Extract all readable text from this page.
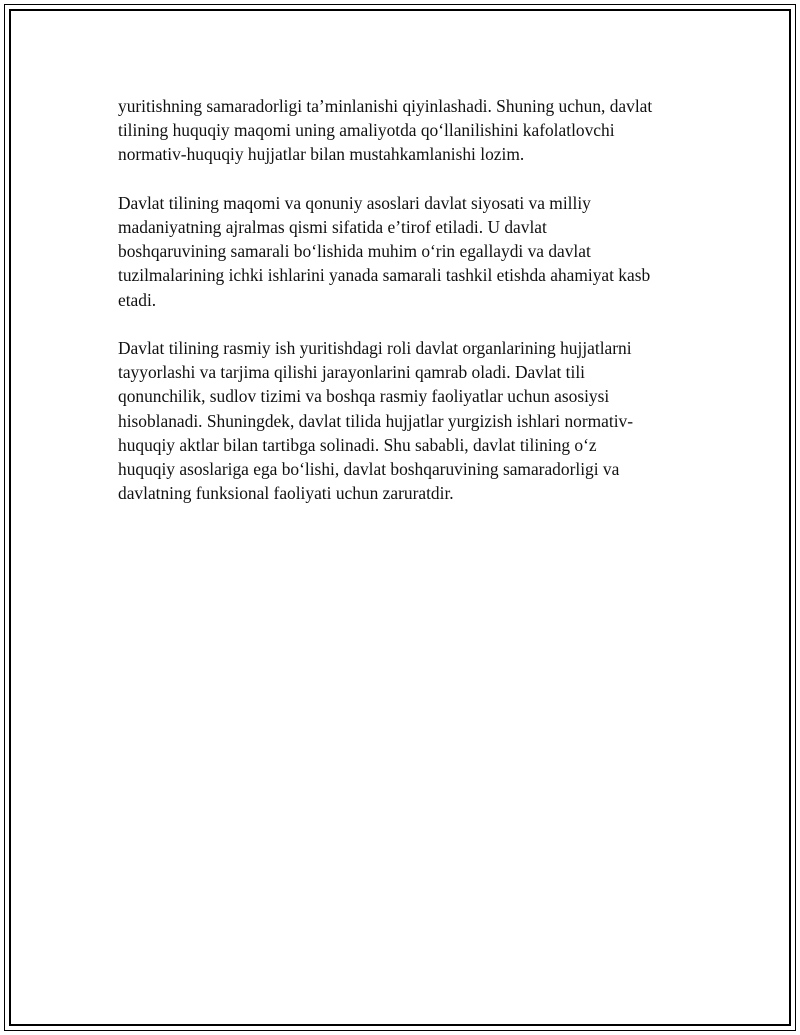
yuritishning samaradorligi taʼminlanishi qiyinlashadi. Shuning uchun, davlat
tilining huquqiy maqomi uning amaliyotda qoʻllanilishini kafolatlovchi
normativ-huquqiy hujjatlar bilan mustahkamlanishi lozim.

Davlat tilining maqomi va qonuniy asoslari davlat siyosati va milliy
madaniyatning ajralmas qismi sifatida eʼtirof etiladi. U davlat
boshqaruvining samarali boʻlishida muhim oʻrin egallaydi va davlat
tuzilmalarining ichki ishlarini yanada samarali tashkil etishda ahamiyat kasb
etadi.

Davlat tilining rasmiy ish yuritishdagi roli davlat organlarining hujjatlarni
tayyorlashi va tarjima qilishi jarayonlarini qamrab oladi. Davlat tili
qonunchilik, sudlov tizimi va boshqa rasmiy faoliyatlar uchun asosiysi
hisoblanadi. Shuningdek, davlat tilida hujjatlar yurgizish ishlari normativ-
huquqiy aktlar bilan tartibga solinadi. Shu sababli, davlat tilining oʻz
huquqiy asoslariga ega boʻlishi, davlat boshqaruvining samaradorligi va
davlatning funksional faoliyati uchun zaruratdir.
